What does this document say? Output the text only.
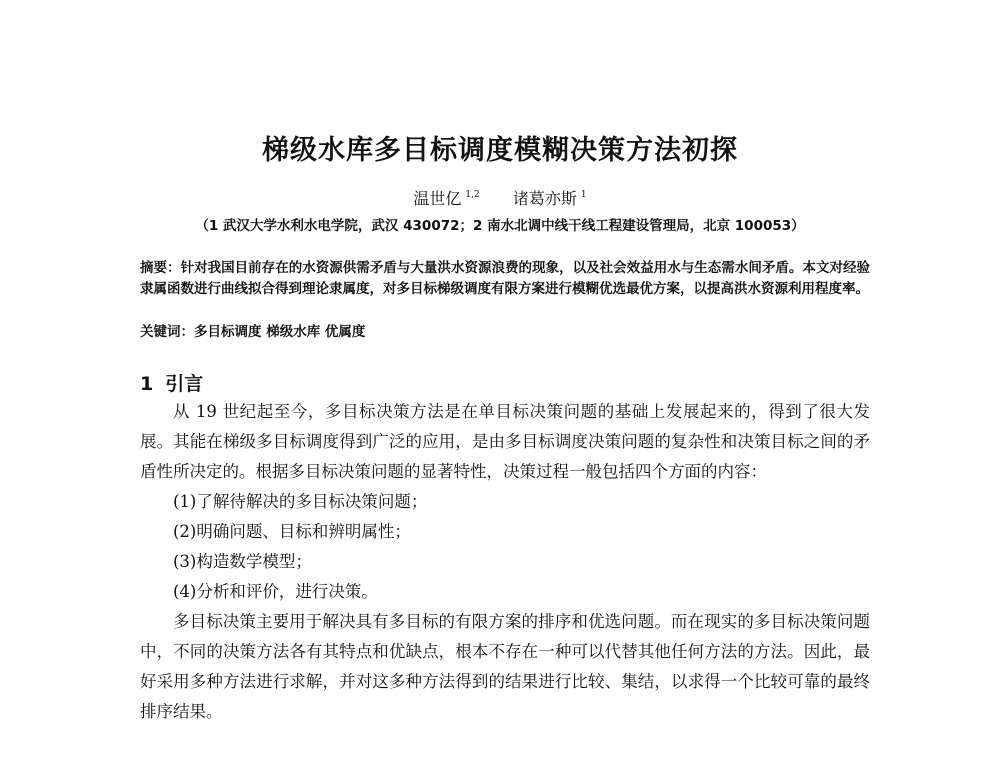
梯级水库多目标调度模糊决策方法初探
温世亿 $^{1,2}$ 诸葛亦斯 $^1$
（1 武汉大学水利水电学院，武汉 430072；2 南水北调中线干线工程建设管理局，北京 100053）
摘要：针对我国目前存在的水资源供需矛盾与大量洪水资源浪费的现象，以及社会效益用水与生态需水间矛盾。本文对经验隶属函数进行曲线拟合得到理论隶属度，对多目标梯级调度有限方案进行模糊优选最优方案，以提高洪水资源利用程度率。
关键词：多目标调度 梯级水库 优属度
1 引言

从 19 世纪起至今，多目标决策方法是在单目标决策问题的基础上发展起来的，得到了很大发展。其能在梯级多目标调度得到广泛的应用，是由多目标调度决策问题的复杂性和决策目标之间的矛盾性所决定的。根据多目标决策问题的显著特性，决策过程一般包括四个方面的内容：

(1)了解待解决的多目标决策问题；

(2)明确问题、目标和辨明属性；

(3)构造数学模型；

(4)分析和评价，进行决策。

多目标决策主要用于解决具有多目标的有限方案的排序和优选问题。而在现实的多目标决策问题中，不同的决策方法各有其特点和优缺点，根本不存在一种可以代替其他任何方法的方法。因此，最好采用多种方法进行求解，并对这多种方法得到的结果进行比较、集结，以求得一个比较可靠的最终排序结果。
